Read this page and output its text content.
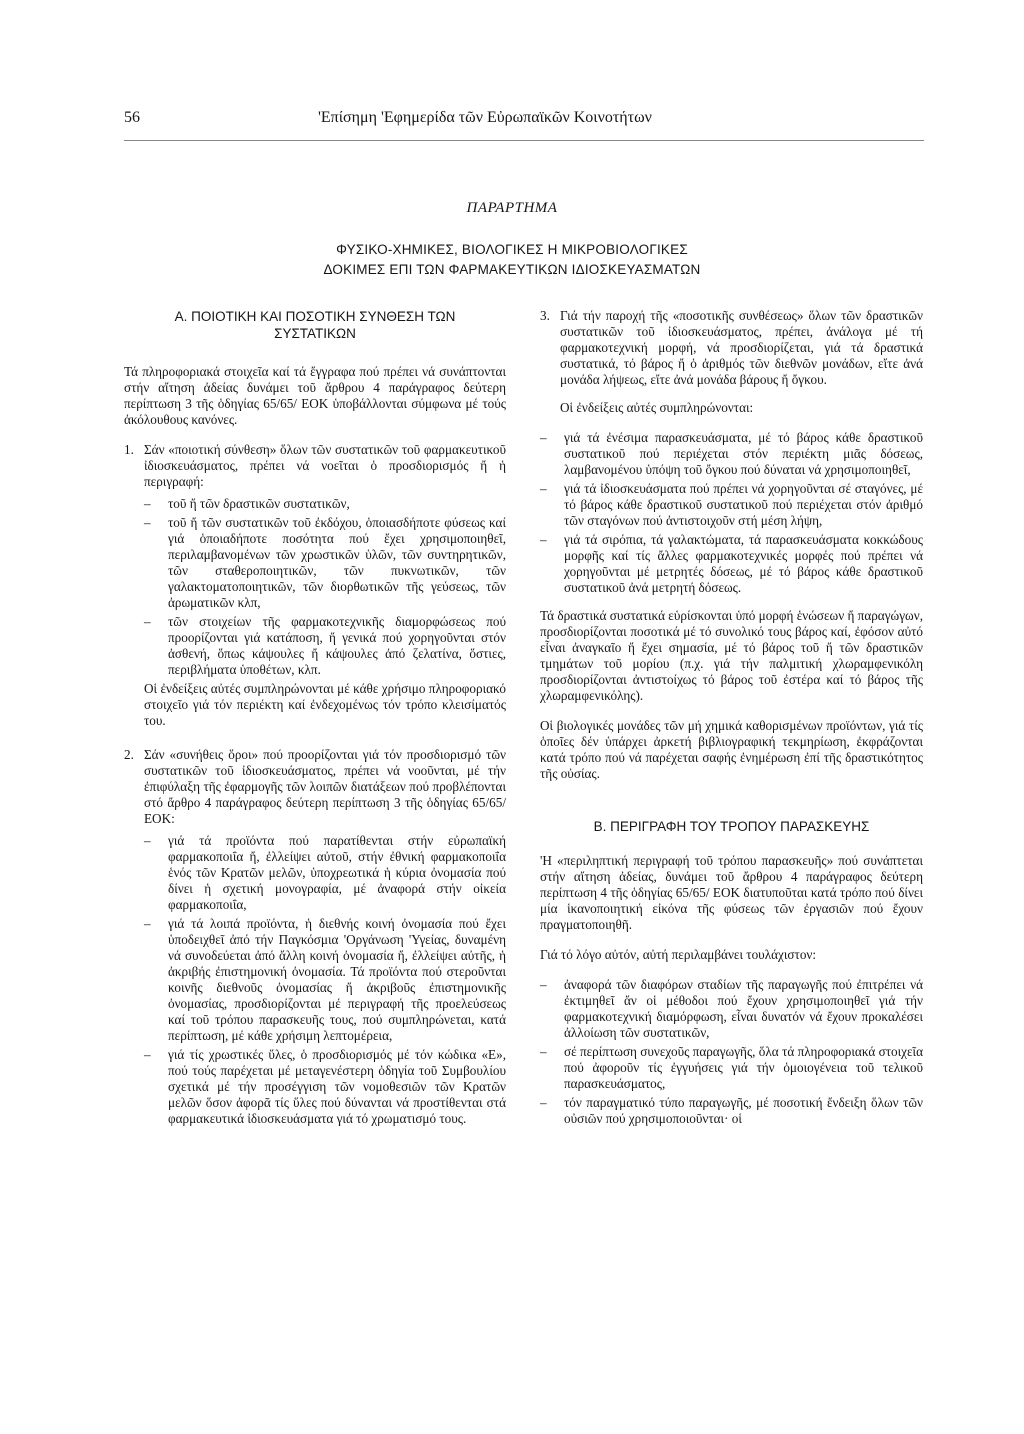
56	'Επίσημη 'Εφημερίδα τῶν Εὐρωπαϊκῶν Κοινοτήτων
ΠΑΡΑΡΤΗΜΑ
ΦΥΣΙΚΟ-ΧΗΜΙΚΕΣ, ΒΙΟΛΟΓΙΚΕΣ Η ΜΙΚΡΟΒΙΟΛΟΓΙΚΕΣ
ΔΟΚΙΜΕΣ ΕΠΙ ΤΩΝ ΦΑΡΜΑΚΕΥΤΙΚΩΝ ΙΔΙΟΣΚΕΥΑΣΜΑΤΩΝ
Α. ΠΟΙΟΤΙΚΗ ΚΑΙ ΠΟΣΟΤΙΚΗ ΣΥΝΘΕΣΗ ΤΩΝ
ΣΥΣΤΑΤΙΚΩΝ

Τά πληροφοριακά στοιχεῖα καί τά ἔγγραφα πού πρέπει νά συνάπτονται στήν αἴτηση ἀδείας δυνάμει τοῦ ἄρθρου 4 παράγραφος δεύτερη περίπτωση 3 τῆς ὁδηγίας 65/65/ ΕΟΚ ὑποβάλλονται σύμφωνα μέ τούς ἀκόλουθους κανόνες.

1. Σάν «ποιοτική σύνθεση» ὅλων τῶν συστατικῶν τοῦ φαρμακευτικοῦ ἰδιοσκευάσματος, πρέπει νά νοεῖται ὁ προσδιορισμός ἤ ἡ περιγραφή:
–	τοῦ ἤ τῶν δραστικῶν συστατικῶν,
–	τοῦ ἤ τῶν συστατικῶν τοῦ ἐκδόχου, ὁποιασδήποτε φύσεως καί γιά ὁποιαδήποτε ποσότητα πού ἔχει χρησιμοποιηθεῖ, περιλαμβανομένων τῶν χρωστικῶν ὑλῶν, τῶν συντηρητικῶν, τῶν σταθεροποιητικῶν, τῶν πυκνωτικῶν, τῶν γαλακτοματοποιητικῶν, τῶν διορθωτικῶν τῆς γεύσεως, τῶν ἀρωματικῶν κλπ,
–	τῶν στοιχείων τῆς φαρμακοτεχνικῆς διαμορφώσεως πού προορίζονται γιά κατάποση, ἤ γενικά πού χορηγοῦνται στόν ἀσθενή, ὅπως κάψουλες ἤ κάψουλες ἀπό ζελατίνα, ὅστιες, περιβλήματα ὑποθέτων, κλπ.

Οἱ ἐνδείξεις αὐτές συμπληρώνονται μέ κάθε χρήσιμο πληροφοριακό στοιχεῖο γιά τόν περιέκτη καί ἐνδεχομένως τόν τρόπο κλεισίματός του.

2. Σάν «συνήθεις ὅροι» πού προορίζονται γιά τόν προσδιορισμό τῶν συστατικῶν τοῦ ἰδιοσκευάσματος, πρέπει νά νοοῦνται, μέ τήν ἐπιφύλαξη τῆς ἐφαρμογῆς τῶν λοιπῶν διατάξεων πού προβλέπονται στό ἄρθρο 4 παράγραφος δεύτερη περίπτωση 3 τῆς ὁδηγίας 65/65/ ΕΟΚ:
–	γιά τά προϊόντα πού παρατίθενται στήν εὐρωπαϊκή φαρμακοποιΐα ἤ, ἐλλείψει αὐτοῦ, στήν ἐθνική φαρμακοποιΐα ἑνός τῶν Κρατῶν μελῶν, ὑποχρεωτικά ἡ κύρια ὀνομασία πού δίνει ἡ σχετική μονογραφία, μέ ἀναφορά στήν οἰκεία φαρμακοποιΐα,
–	γιά τά λοιπά προϊόντα, ἡ διεθνής κοινή ὀνομασία πού ἔχει ὑποδειχθεῖ ἀπό τήν Παγκόσμια 'Οργάνωση 'Υγείας, δυναμένη νά συνοδεύεται ἀπό ἄλλη κοινή ὀνομασία ἤ, ἐλλείψει αὐτῆς, ἡ ἀκριβής ἐπιστημονική ὀνομασία. Τά προϊόντα πού στεροῦνται κοινῆς διεθνοῦς ὀνομασίας ἤ ἀκριβοῦς ἐπιστημονικῆς ὀνομασίας, προσδιορίζονται μέ περιγραφή τῆς προελεύσεως καί τοῦ τρόπου παρασκευῆς τους, πού συμπληρώνεται, κατά περίπτωση, μέ κάθε χρήσιμη λεπτομέρεια,
–	γιά τίς χρωστικές ὕλες, ὁ προσδιορισμός μέ τόν κώδικα «Ε», πού τούς παρέχεται μέ μεταγενέστερη ὁδηγία τοῦ Συμβουλίου σχετικά μέ τήν προσέγγιση τῶν νομοθεσιῶν τῶν Κρατῶν μελῶν ὅσον ἀφορᾶ τίς ὕλες πού δύνανται νά προστίθενται στά φαρμακευτικά ἰδιοσκευάσματα γιά τό χρωματισμό τους.
3. Γιά τήν παροχή τῆς «ποσοτικῆς συνθέσεως» ὅλων τῶν δραστικῶν συστατικῶν τοῦ ἰδιοσκευάσματος, πρέπει, ἀνάλογα μέ τή φαρμακοτεχνική μορφή, νά προσδιορίζεται, γιά τά δραστικά συστατικά, τό βάρος ἤ ὁ ἀριθμός τῶν διεθνῶν μονάδων, εἴτε ἀνά μονάδα λήψεως, εἴτε ἀνά μονάδα βάρους ἤ ὄγκου.

Οἱ ἐνδείξεις αὐτές συμπληρώνονται:

–	γιά τά ἐνέσιμα παρασκευάσματα, μέ τό βάρος κάθε δραστικοῦ συστατικοῦ πού περιέχεται στόν περιέκτη μιᾶς δόσεως, λαμβανομένου ὑπόψη τοῦ ὄγκου πού δύναται νά χρησιμοποιηθεῖ,
–	γιά τά ἰδιοσκευάσματα πού πρέπει νά χορηγοῦνται σέ σταγόνες, μέ τό βάρος κάθε δραστικοῦ συστατικοῦ πού περιέχεται στόν ἀριθμό τῶν σταγόνων πού ἀντιστοιχοῦν στή μέση λήψη,
–	γιά τά σιρόπια, τά γαλακτώματα, τά παρασκευάσματα κοκκώδους μορφῆς καί τίς ἄλλες φαρμακοτεχνικές μορφές πού πρέπει νά χορηγοῦνται μέ μετρητές δόσεως, μέ τό βάρος κάθε δραστικοῦ συστατικοῦ ἀνά μετρητή δόσεως.

Τά δραστικά συστατικά εὑρίσκονται ὑπό μορφή ἑνώσεων ἤ παραγώγων, προσδιορίζονται ποσοτικά μέ τό συνολικό τους βάρος καί, ἐφόσον αὐτό εἶναι ἀναγκαῖο ἤ ἔχει σημασία, μέ τό βάρος τοῦ ἤ τῶν δραστικῶν τμημάτων τοῦ μορίου (π.χ. γιά τήν παλμιτική χλωραμφενικόλη προσδιορίζονται ἀντιστοίχως τό βάρος τοῦ ἐστέρα καί τό βάρος τῆς χλωραμφενικόλης).

Οἱ βιολογικές μονάδες τῶν μή χημικά καθορισμένων προϊόντων, γιά τίς ὁποῖες δέν ὑπάρχει ἀρκετή βιβλιογραφική τεκμηρίωση, ἐκφράζονται κατά τρόπο πού νά παρέχεται σαφής ἐνημέρωση ἐπί τῆς δραστικότητος τῆς οὐσίας.

Β. ΠΕΡΙΓΡΑΦΗ ΤΟΥ ΤΡΟΠΟΥ ΠΑΡΑΣΚΕΥΗΣ

'Η «περιληπτική περιγραφή τοῦ τρόπου παρασκευῆς» πού συνάπτεται στήν αἴτηση ἀδείας, δυνάμει τοῦ ἄρθρου 4 παράγραφος δεύτερη περίπτωση 4 τῆς ὁδηγίας 65/65/ ΕΟΚ διατυποῦται κατά τρόπο πού δίνει μία ἱκανοποιητική εἰκόνα τῆς φύσεως τῶν ἐργασιῶν πού ἔχουν πραγματοποιηθῆ.

Γιά τό λόγο αὐτόν, αὐτή περιλαμβάνει τουλάχιστον:

–	ἀναφορά τῶν διαφόρων σταδίων τῆς παραγωγῆς πού ἐπιτρέπει νά ἐκτιμηθεῖ ἄν οἱ μέθοδοι πού ἔχουν χρησιμοποιηθεῖ γιά τήν φαρμακοτεχνική διαμόρφωση, εἶναι δυνατόν νά ἔχουν προκαλέσει ἀλλοίωση τῶν συστατικῶν,
–	σέ περίπτωση συνεχοῦς παραγωγῆς, ὅλα τά πληροφοριακά στοιχεῖα πού ἀφοροῦν τίς ἐγγυήσεις γιά τήν ὁμοιογένεια τοῦ τελικοῦ παρασκευάσματος,
–	τόν παραγματικό τύπο παραγωγῆς, μέ ποσοτική ἔνδειξη ὅλων τῶν οὐσιῶν πού χρησιμοποιοῦνται· οἱ
